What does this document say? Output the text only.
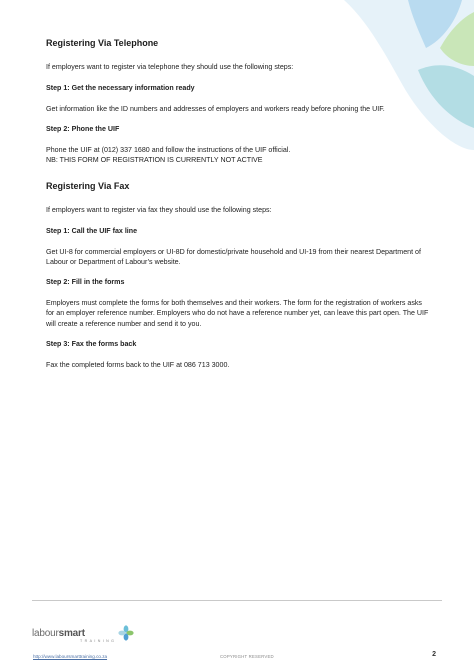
Registering Via Telephone
If employers want to register via telephone they should use the following steps:
Step 1: Get the necessary information ready
Get information like the ID numbers and addresses of employers and workers ready before phoning the UIF.
Step 2: Phone the UIF
Phone the UIF at (012) 337 1680 and follow the instructions of the UIF official.
NB: THIS FORM OF REGISTRATION IS CURRENTLY NOT ACTIVE
Registering Via Fax
If employers want to register via fax they should use the following steps:
Step 1: Call the UIF fax line
Get UI-8 for commercial employers or UI-8D for domestic/private household and UI-19 from their nearest Department of Labour or Department of Labour’s website.
Step 2: Fill in the forms
Employers must complete the forms for both themselves and their workers. The form for the registration of workers asks for an employer reference number. Employers who do not have a reference number yet, can leave this part open. The UIF will create a reference number and send it to you.
Step 3: Fax the forms back
Fax the completed forms back to the UIF at 086 713 3000.
laboursmart
TRAINING
http://www.laboursmarttraining.co.za	COPYRIGHT RESERVED	2
